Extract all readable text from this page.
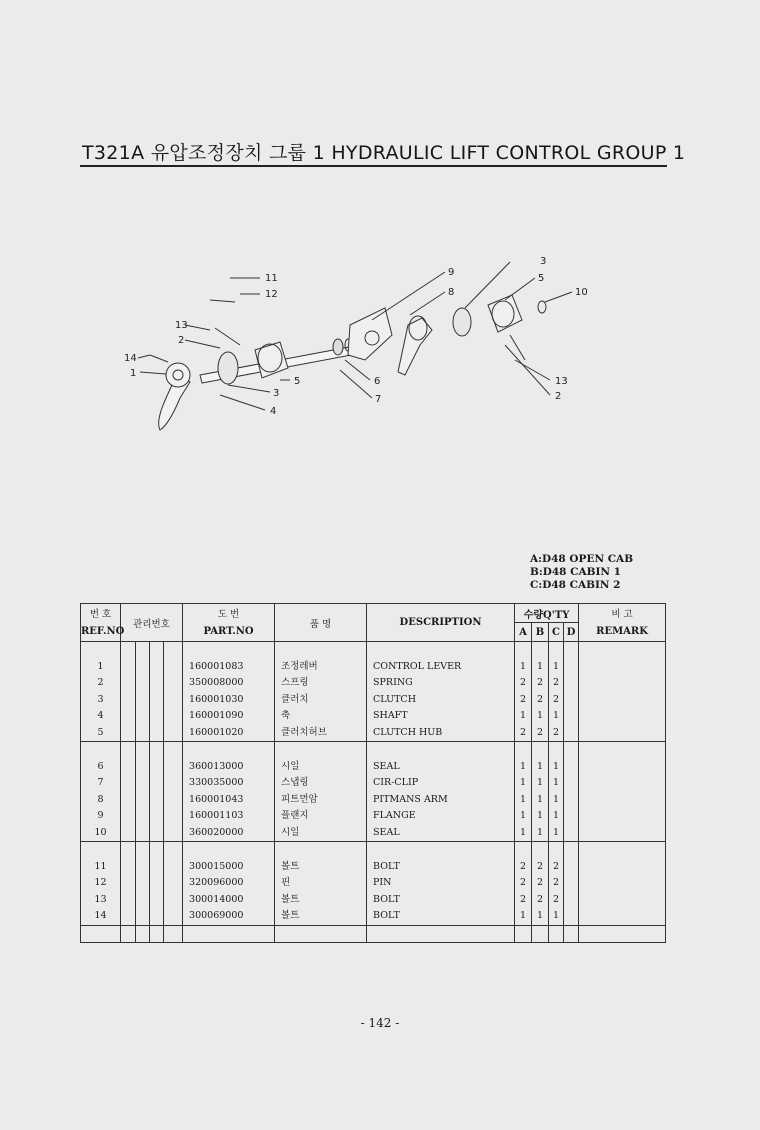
T321A 유압조정장치 그룹 1 HYDRAULIC LIFT CONTROL GROUP 1
11
12
13
2
14
1
9
8
3
5
10
5
3
4
6
7
13
2
A:D48 OPEN CAB
B:D48 CABIN 1
C:D48 CABIN 2
번 호	관리번호				도 번	품 명	DESCRIPTION	수량Q'TY				비 고
REF.NO					PART.NO			A	B	C	D	REMARK

1					160001083	조정레버	CONTROL LEVER	1	1	1		
2					350008000	스프링	SPRING	2	2	2		
3					160001030	클러치	CLUTCH	2	2	2		
4					160001090	축	SHAFT	1	1	1		
5					160001020	클러치허브	CLUTCH HUB	2	2	2		

6					360013000	시일	SEAL	1	1	1		
7					330035000	스냅링	CIR-CLIP	1	1	1		
8					160001043	피트먼암	PITMANS ARM	1	1	1		
9					160001103	플랜지	FLANGE	1	1	1		
10					360020000	시일	SEAL	1	1	1		

11					300015000	볼트	BOLT	2	2	2		
12					320096000	핀	PIN	2	2	2		
13					300014000	볼트	BOLT	2	2	2		
14					300069000	볼트	BOLT	1	1	1		

- 142 -
